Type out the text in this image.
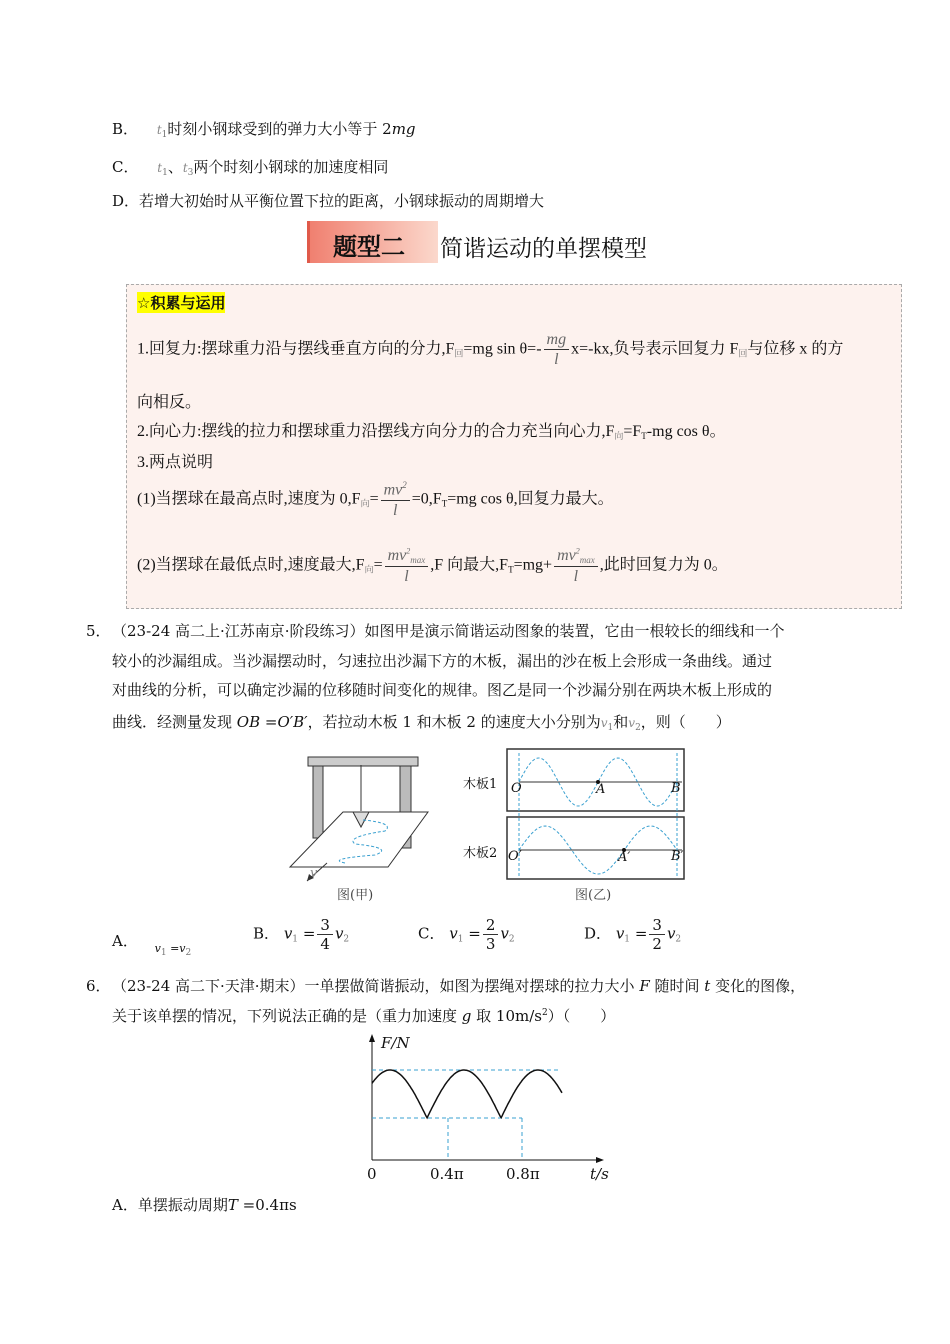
B． $t_1$时刻小钢球受到的弹力大小等于 2mg
C． $t_1$、$t_3$两个时刻小钢球的加速度相同
D．若增大初始时从平衡位置下拉的距离，小钢球振动的周期增大
题型二 简谐运动的单摆模型
☆积累与运用
1.回复力:摆球重力沿与摆线垂直方向的分力$,F_回=mg$ $\sin \theta=- \frac{mg}{l} x=-kx$,负号表示回复力 $F_回$与位移 x 的方
向相反。
2.向心力:摆线的拉力和摆球重力沿摆线方向分力的合力充当向心力$,F_向=F_T-mg$ cos θ。
3.两点说明
(1)当摆球在最高点时,速度为 $0,F_向= \frac{mv^2}{l} =0,F_T=mg$ cos θ,回复力最大。
(2)当摆球在最低点时,速度最大$,F_向= \frac{mv^2_{max}}{l} ,F$ 向最大$,F_T=mg+ \frac{mv^2_{max}}{l}$ ,此时回复力为 0。
5． （23-24 高二上·江苏南京·阶段练习）如图甲是演示简谐运动图象的装置，它由一根较长的细线和一个
较小的沙漏组成。当沙漏摆动时，匀速拉出沙漏下方的木板，漏出的沙在板上会形成一条曲线。通过
对曲线的分析，可以确定沙漏的位移随时间变化的规律。图乙是同一个沙漏分别在两块木板上形成的
曲线．经测量发现 OB =O′B′，若拉动木板 1 和木板 2 的速度大小分别为$v_1$和$v_2$，则（　　）
v
图(甲)
木板1
木板2
O	A	B
O′	A′	B′
图(乙)
A． $_{v_1 =v_2}$
B． $v_1 = \frac{3}{4} v_2$	C． $v_1 = \frac{2}{3} v_2$	D． $v_1 = \frac{3}{2} v_2$
6． （23-24 高二下·天津·期末）一单摆做简谐振动，如图为摆绳对摆球的拉力大小 F 随时间 t 变化的图像，
关于该单摆的情况，下列说法正确的是（重力加速度 g 取 $10m/s^2$）（　　）
F/N
0	0.4π	0.8π	t/s
A．单摆振动周期T =0.4πs
